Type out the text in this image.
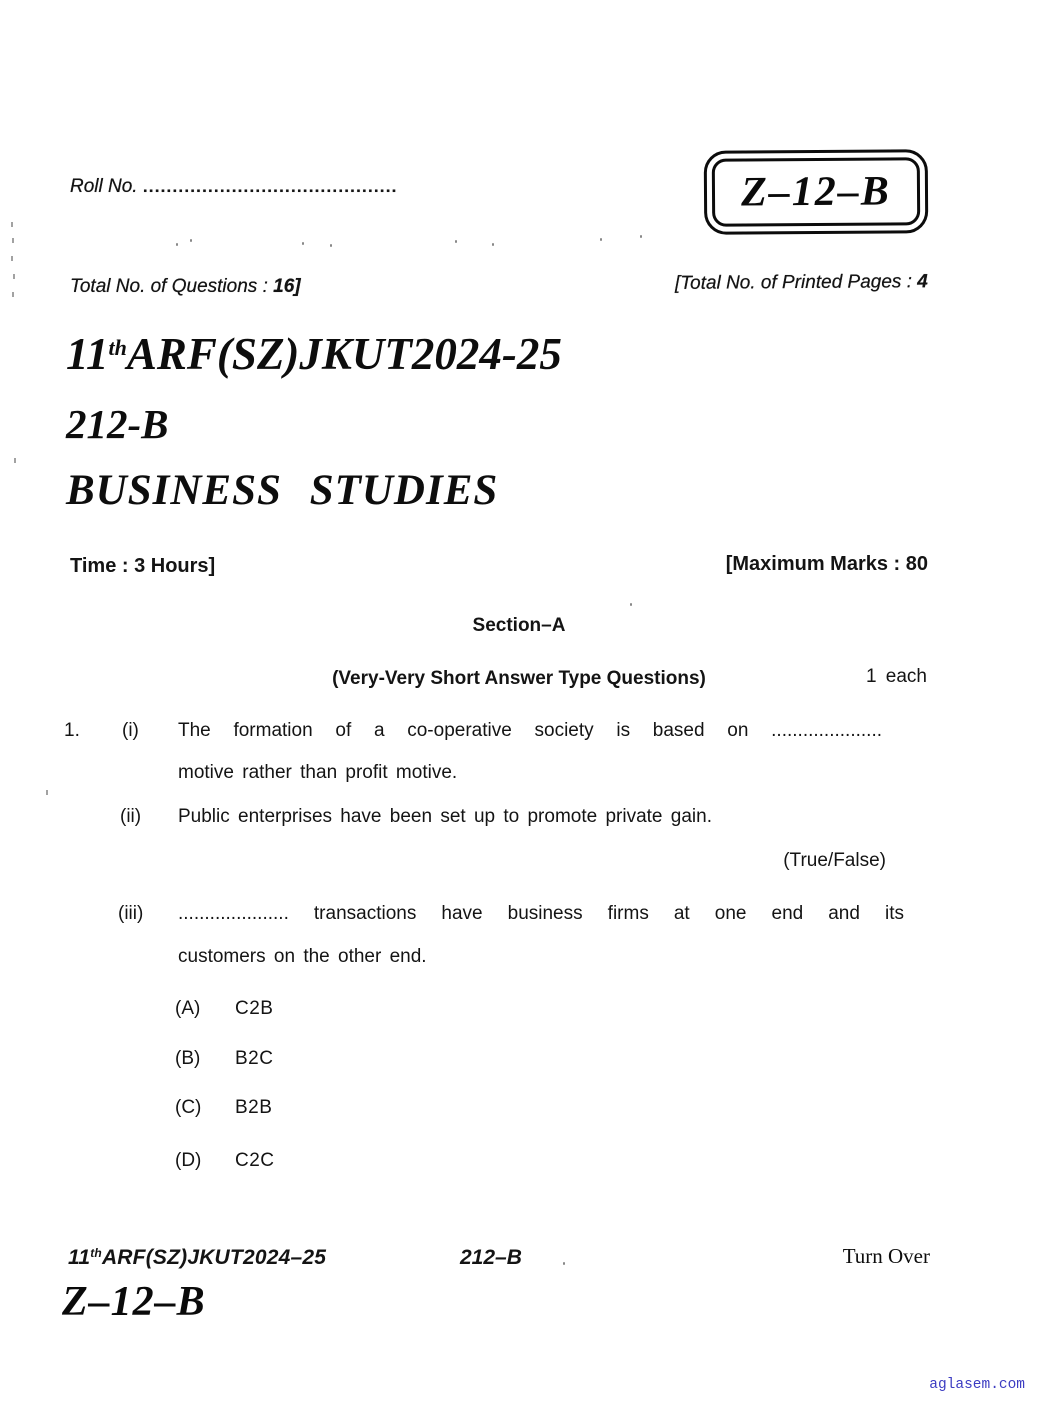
Roll No. ...........................................	Z–12–B
Total No. of Questions : 16]	[Total No. of Printed Pages : 4
11thARF(SZ)JKUT2024-25
212-B
BUSINESS STUDIES
Time : 3 Hours]	[Maximum Marks : 80
Section–A
(Very-Very Short Answer Type Questions)	1 each
1. (i) The formation of a co-operative society is based on .....................
motive rather than profit motive.
(ii) Public enterprises have been set up to promote private gain.
(True/False)
(iii) ..................... transactions have business firms at one end and its
customers on the other end.
(A) C2B
(B) B2C
(C) B2B
(D) C2C
11thARF(SZ)JKUT2024–25	212–B	Turn Over
Z–12–B
aglasem.com
